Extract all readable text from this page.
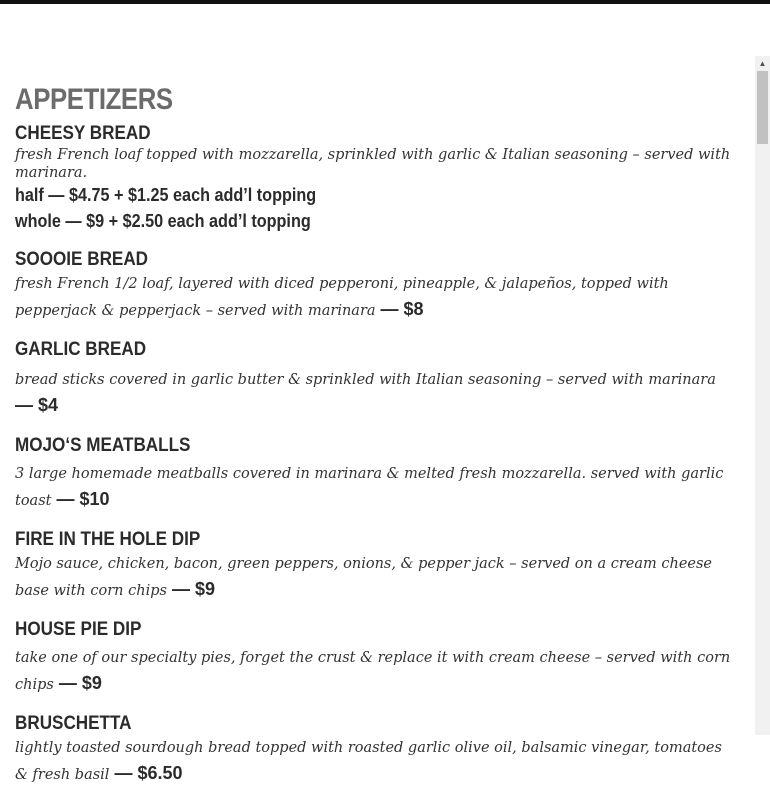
APPETIZERS
CHEESY BREAD

fresh French loaf topped with mozzarella, sprinkled with garlic & Italian seasoning – served with marinara.

half — $4.75 + $1.25 each add’l topping
whole — $9 + $2.50 each add’l topping
SOOOIE BREAD

fresh French 1/2 loaf, layered with diced pepperoni, pineapple, & jalapeños, topped with pepperjack & pepperjack – served with marinara — $8

GARLIC BREAD

bread sticks covered in garlic butter & sprinkled with Italian seasoning – served with marinara — $4

MOJO‘S MEATBALLS

3 large homemade meatballs covered in marinara & melted fresh mozzarella. served with garlic toast — $10

FIRE IN THE HOLE DIP

Mojo sauce, chicken, bacon, green peppers, onions, & pepper jack – served on a cream cheese base with corn chips — $9

HOUSE PIE DIP

take one of our specialty pies, forget the crust & replace it with cream cheese – served with corn chips — $9

BRUSCHETTA

lightly toasted sourdough bread topped with roasted garlic olive oil, balsamic vinegar, tomatoes & fresh basil — $6.50

▲
